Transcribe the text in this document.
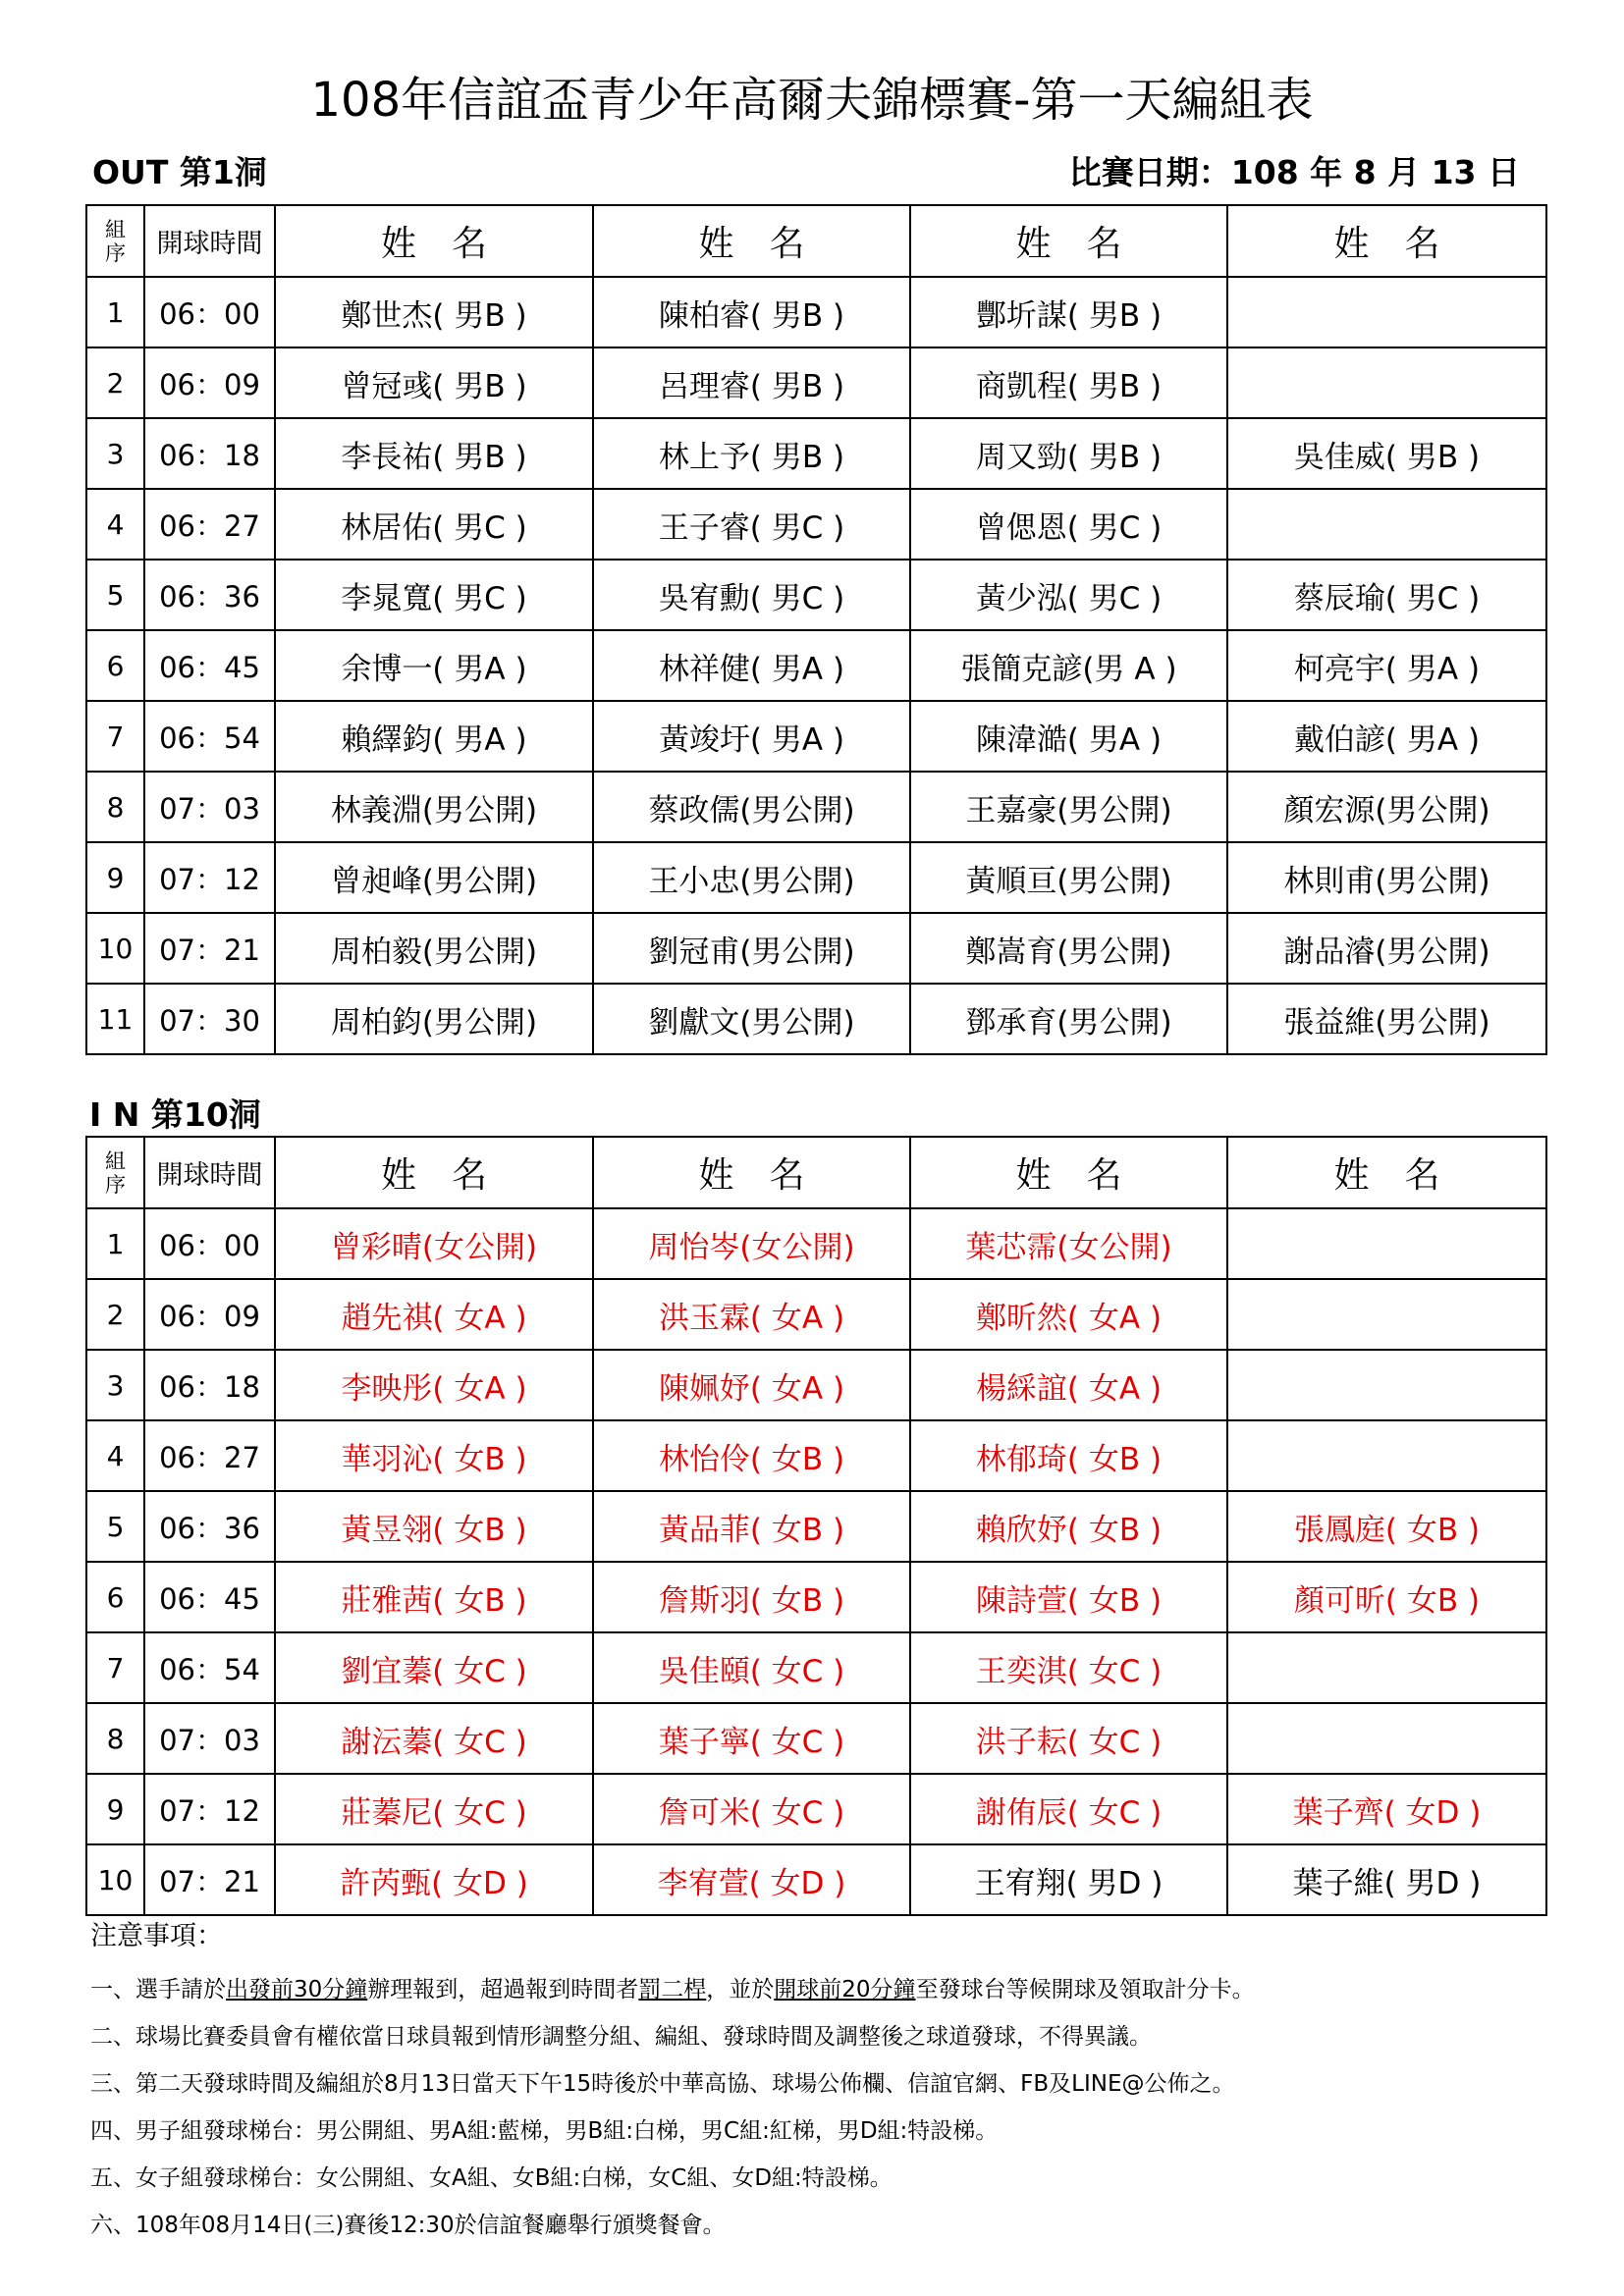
108年信誼盃青少年高爾夫錦標賽-第一天編組表
OUT 第1洞	比賽日期：108 年 8 月 13 日
組序	開球時間	姓　名	姓　名	姓　名	姓　名
1	06：00	鄭世杰( 男B )	陳柏睿( 男B )	酆圻謀( 男B )	
2	06：09	曾冠彧( 男B )	呂理睿( 男B )	商凱程( 男B )	
3	06：18	李長祐( 男B )	林上予( 男B )	周又勁( 男B )	吳佳威( 男B )
4	06：27	林居佑( 男C )	王子睿( 男C )	曾偲恩( 男C )	
5	06：36	李晁寬( 男C )	吳宥勳( 男C )	黃少泓( 男C )	蔡辰瑜( 男C )
6	06：45	余博一( 男A )	林祥健( 男A )	張簡克諺(男 A )	柯亮宇( 男A )
7	06：54	賴繹鈞( 男A )	黃竣圩( 男A )	陳湋澔( 男A )	戴伯諺( 男A )
8	07：03	林義淵(男公開)	蔡政儒(男公開)	王嘉豪(男公開)	顏宏源(男公開)
9	07：12	曾昶峰(男公開)	王小忠(男公開)	黃順亘(男公開)	林則甫(男公開)
10	07：21	周柏毅(男公開)	劉冠甫(男公開)	鄭嵩育(男公開)	謝品濬(男公開)
11	07：30	周柏鈞(男公開)	劉獻文(男公開)	鄧承育(男公開)	張益維(男公開)
I N 第10洞
組序	開球時間	姓　名	姓　名	姓　名	姓　名
1	06：00	曾彩晴(女公開)	周怡岑(女公開)	葉芯霈(女公開)	
2	06：09	趙先祺( 女A )	洪玉霖( 女A )	鄭昕然( 女A )	
3	06：18	李映彤( 女A )	陳姵妤( 女A )	楊綵誼( 女A )	
4	06：27	華羽沁( 女B )	林怡伶( 女B )	林郁琦( 女B )	
5	06：36	黃昱翎( 女B )	黃品菲( 女B )	賴欣妤( 女B )	張鳳庭( 女B )
6	06：45	莊雅茜( 女B )	詹斯羽( 女B )	陳詩萱( 女B )	顏可昕( 女B )
7	06：54	劉宜蓁( 女C )	吳佳頤( 女C )	王奕淇( 女C )	
8	07：03	謝沄蓁( 女C )	葉子寧( 女C )	洪子耘( 女C )	
9	07：12	莊蓁尼( 女C )	詹可米( 女C )	謝侑辰( 女C )	葉子齊( 女D )
10	07：21	許芮甄( 女D )	李宥萱( 女D )	王宥翔( 男D )	葉子維( 男D )
注意事項：
一、選手請於出發前30分鐘辦理報到，超過報到時間者罰二桿，並於開球前20分鐘至發球台等候開球及領取計分卡。
二、球場比賽委員會有權依當日球員報到情形調整分組、編組、發球時間及調整後之球道發球，不得異議。
三、第二天發球時間及編組於8月13日當天下午15時後於中華高協、球場公佈欄、信誼官網、FB及LINE@公佈之。
四、男子組發球梯台：男公開組、男A組:藍梯，男B組:白梯，男C組:紅梯，男D組:特設梯。
五、女子組發球梯台：女公開組、女A組、女B組:白梯，女C組、女D組:特設梯。
六、108年08月14日(三)賽後12:30於信誼餐廳舉行頒獎餐會。
